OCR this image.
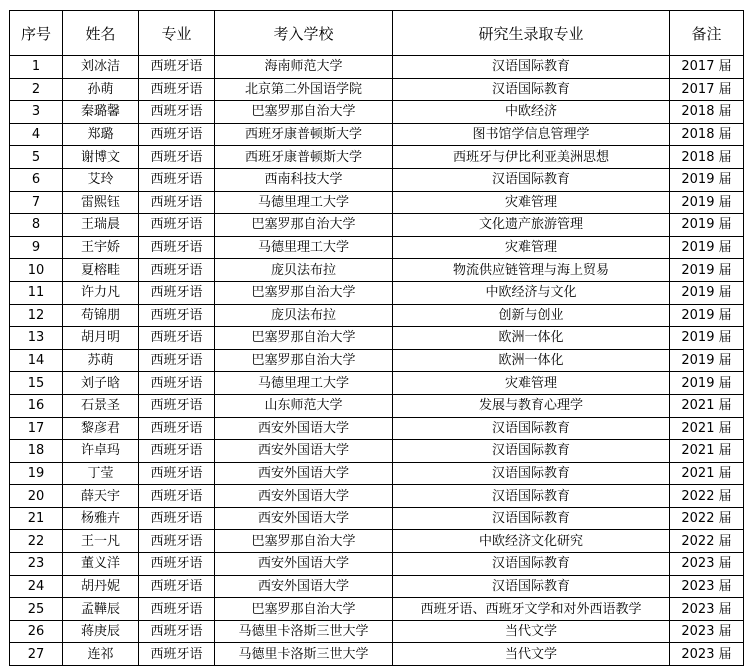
序号	姓名	专业	考入学校	研究生录取专业	备注
1	刘冰洁	西班牙语	海南师范大学	汉语国际教育	2017 届
2	孙萌	西班牙语	北京第二外国语学院	汉语国际教育	2017 届
3	秦璐馨	西班牙语	巴塞罗那自治大学	中欧经济	2018 届
4	郑璐	西班牙语	西班牙康普顿斯大学	图书馆学信息管理学	2018 届
5	谢博文	西班牙语	西班牙康普顿斯大学	西班牙与伊比利亚美洲思想	2018 届
6	艾玲	西班牙语	西南科技大学	汉语国际教育	2019 届
7	雷熙钰	西班牙语	马德里理工大学	灾难管理	2019 届
8	王瑞晨	西班牙语	巴塞罗那自治大学	文化遗产旅游管理	2019 届
9	王宇娇	西班牙语	马德里理工大学	灾难管理	2019 届
10	夏榕畦	西班牙语	庞贝法布拉	物流供应链管理与海上贸易	2019 届
11	许力凡	西班牙语	巴塞罗那自治大学	中欧经济与文化	2019 届
12	苟锦朋	西班牙语	庞贝法布拉	创新与创业	2019 届
13	胡月明	西班牙语	巴塞罗那自治大学	欧洲一体化	2019 届
14	苏萌	西班牙语	巴塞罗那自治大学	欧洲一体化	2019 届
15	刘子晗	西班牙语	马德里理工大学	灾难管理	2019 届
16	石景圣	西班牙语	山东师范大学	发展与教育心理学	2021 届
17	黎彦君	西班牙语	西安外国语大学	汉语国际教育	2021 届
18	许卓玛	西班牙语	西安外国语大学	汉语国际教育	2021 届
19	丁莹	西班牙语	西安外国语大学	汉语国际教育	2021 届
20	薛天宇	西班牙语	西安外国语大学	汉语国际教育	2022 届
21	杨雅卉	西班牙语	西安外国语大学	汉语国际教育	2022 届
22	王一凡	西班牙语	巴塞罗那自治大学	中欧经济文化研究	2022 届
23	董义洋	西班牙语	西安外国语大学	汉语国际教育	2023 届
24	胡丹妮	西班牙语	西安外国语大学	汉语国际教育	2023 届
25	孟鞾辰	西班牙语	巴塞罗那自治大学	西班牙语、西班牙文学和对外西语教学	2023 届
26	蒋庚辰	西班牙语	马德里卡洛斯三世大学	当代文学	2023 届
27	连祁	西班牙语	马德里卡洛斯三世大学	当代文学	2023 届
